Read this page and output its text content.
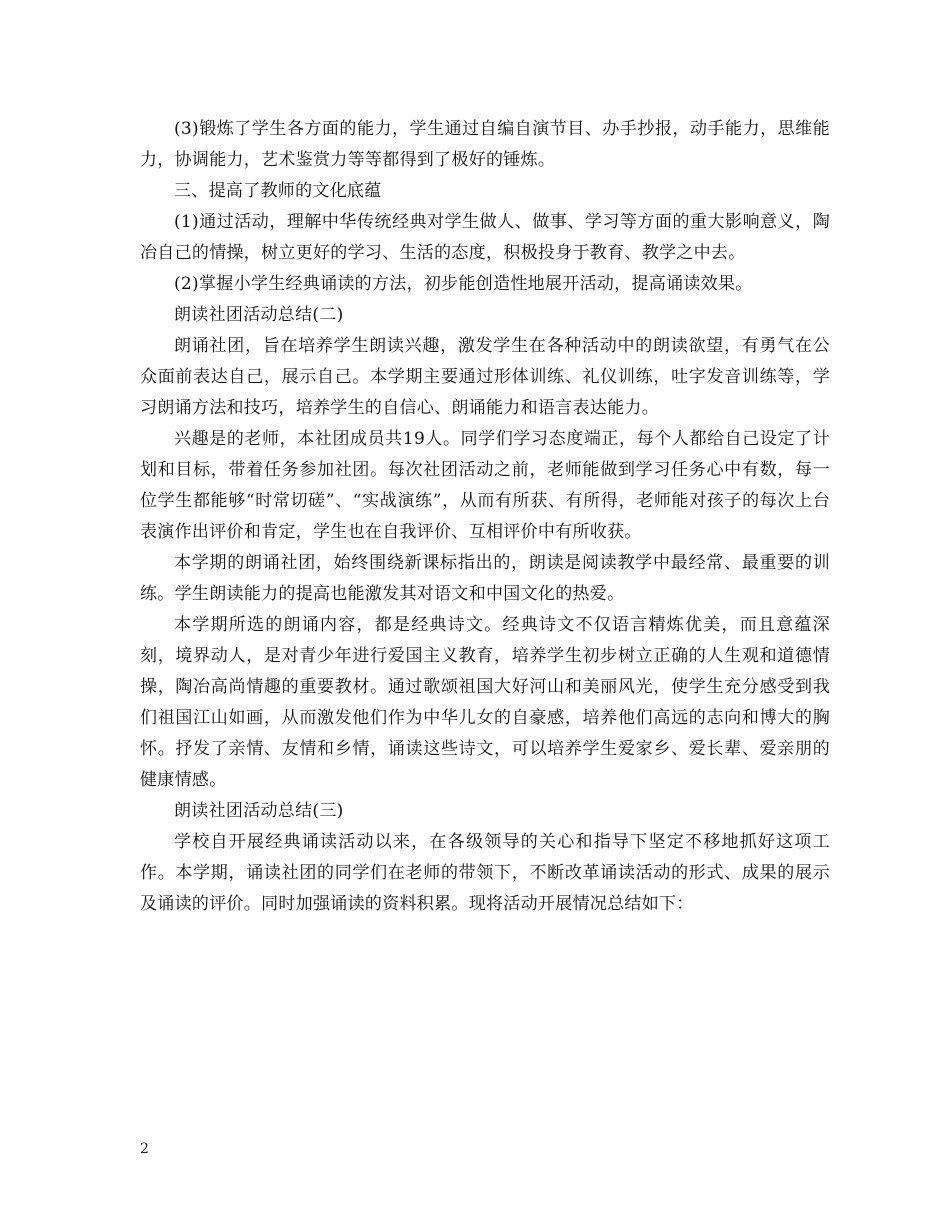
(3)锻炼了学生各方面的能力，学生通过自编自演节目、办手抄报，动手能力，思维能力，协调能力，艺术鉴赏力等等都得到了极好的锤炼。

三、提高了教师的文化底蕴

(1)通过活动，理解中华传统经典对学生做人、做事、学习等方面的重大影响意义，陶冶自己的情操，树立更好的学习、生活的态度，积极投身于教育、教学之中去。

(2)掌握小学生经典诵读的方法，初步能创造性地展开活动，提高诵读效果。

朗读社团活动总结(二)

朗诵社团，旨在培养学生朗读兴趣，激发学生在各种活动中的朗读欲望，有勇气在公众面前表达自己，展示自己。本学期主要通过形体训练、礼仪训练，吐字发音训练等，学习朗诵方法和技巧，培养学生的自信心、朗诵能力和语言表达能力。

兴趣是的老师，本社团成员共19人。同学们学习态度端正，每个人都给自己设定了计划和目标，带着任务参加社团。每次社团活动之前，老师能做到学习任务心中有数，每一位学生都能够“时常切磋”、“实战演练”，从而有所获、有所得，老师能对孩子的每次上台表演作出评价和肯定，学生也在自我评价、互相评价中有所收获。

本学期的朗诵社团，始终围绕新课标指出的，朗读是阅读教学中最经常、最重要的训练。学生朗读能力的提高也能激发其对语文和中国文化的热爱。

本学期所选的朗诵内容，都是经典诗文。经典诗文不仅语言精炼优美，而且意蕴深刻，境界动人，是对青少年进行爱国主义教育，培养学生初步树立正确的人生观和道德情操，陶冶高尚情趣的重要教材。通过歌颂祖国大好河山和美丽风光，使学生充分感受到我们祖国江山如画，从而激发他们作为中华儿女的自豪感，培养他们高远的志向和博大的胸怀。抒发了亲情、友情和乡情，诵读这些诗文，可以培养学生爱家乡、爱长辈、爱亲朋的健康情感。

朗读社团活动总结(三)

学校自开展经典诵读活动以来，在各级领导的关心和指导下坚定不移地抓好这项工作。本学期，诵读社团的同学们在老师的带领下，不断改革诵读活动的形式、成果的展示及诵读的评价。同时加强诵读的资料积累。现将活动开展情况总结如下：

2
